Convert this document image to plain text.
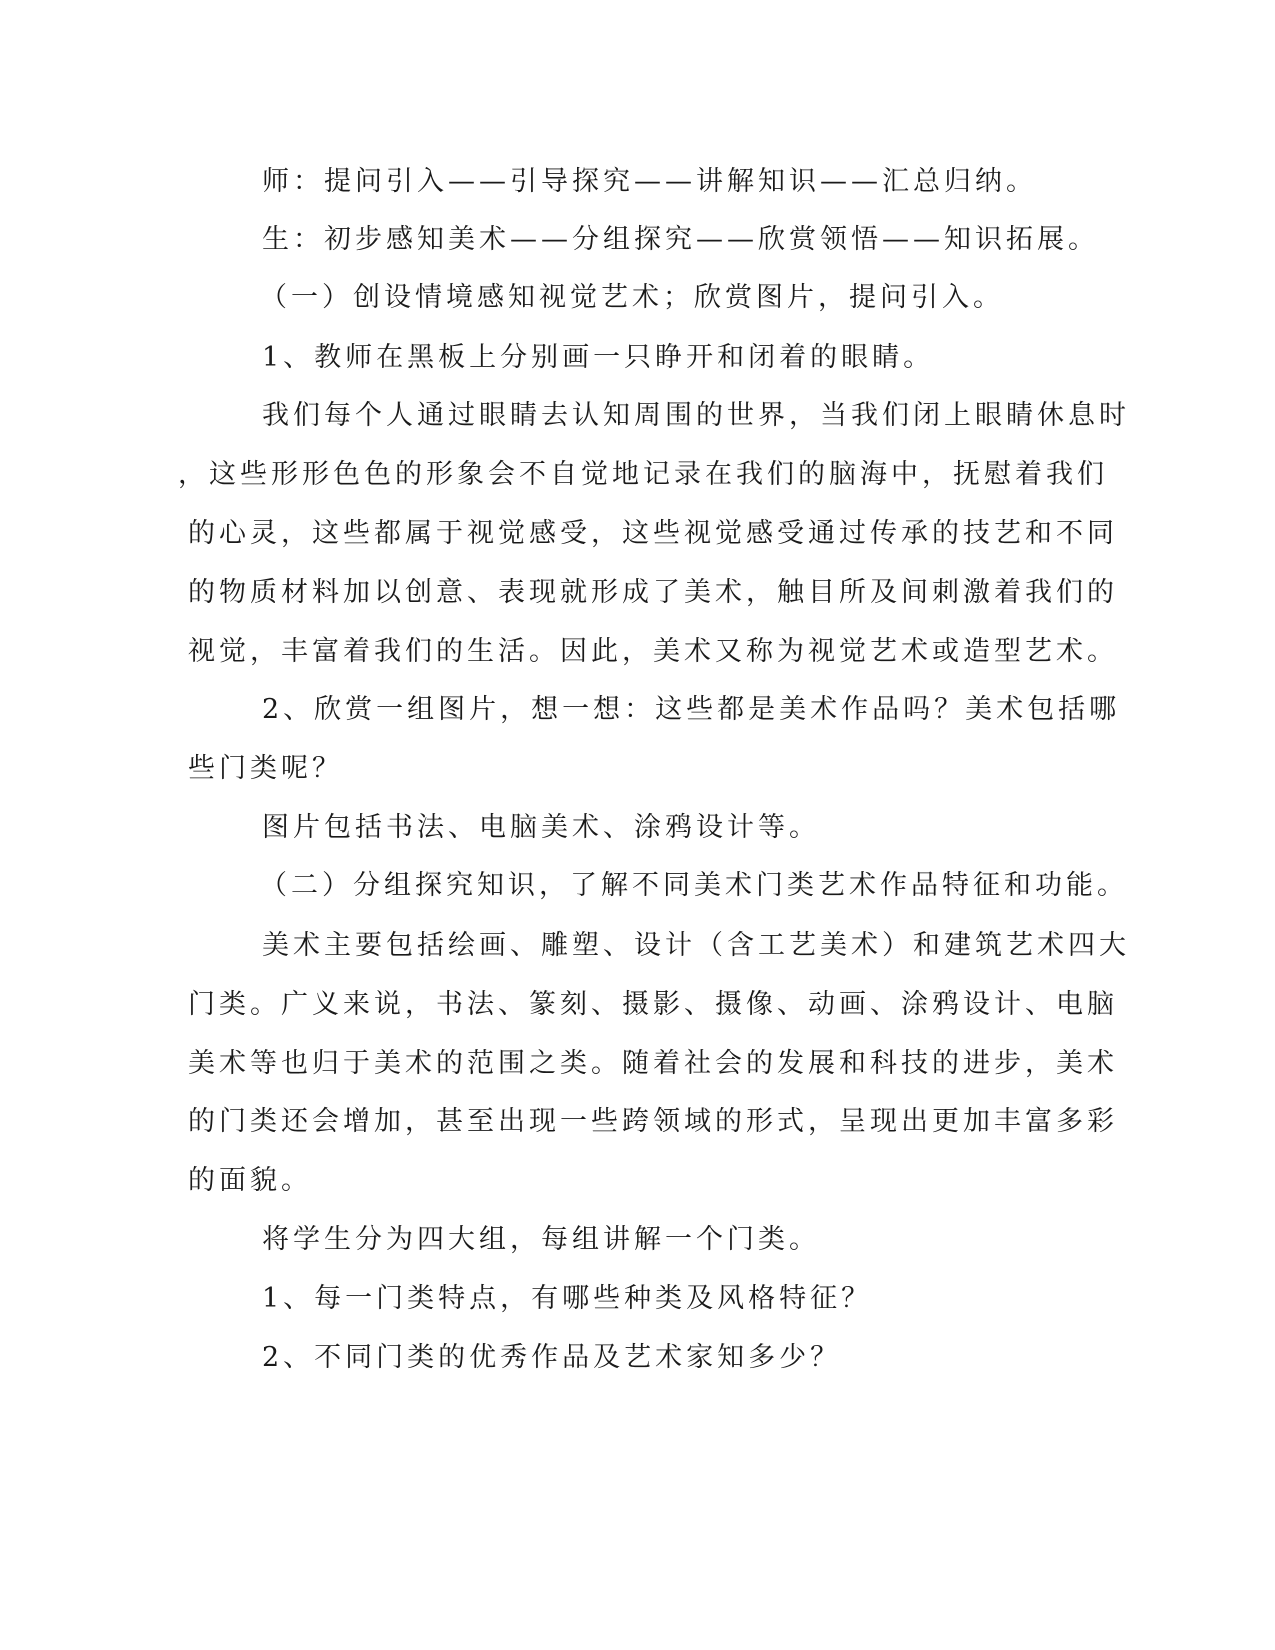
师：提问引入——引导探究——讲解知识——汇总归纳。
生：初步感知美术——分组探究——欣赏领悟——知识拓展。
（一）创设情境感知视觉艺术；欣赏图片，提问引入。
1、教师在黑板上分别画一只睁开和闭着的眼睛。
我们每个人通过眼睛去认知周围的世界，当我们闭上眼睛休息时
，这些形形色色的形象会不自觉地记录在我们的脑海中，抚慰着我们
的心灵，这些都属于视觉感受，这些视觉感受通过传承的技艺和不同
的物质材料加以创意、表现就形成了美术，触目所及间刺激着我们的
视觉，丰富着我们的生活。因此，美术又称为视觉艺术或造型艺术。
2、欣赏一组图片，想一想：这些都是美术作品吗？美术包括哪
些门类呢？
图片包括书法、电脑美术、涂鸦设计等。
（二）分组探究知识，了解不同美术门类艺术作品特征和功能。
美术主要包括绘画、雕塑、设计（含工艺美术）和建筑艺术四大
门类。广义来说，书法、篆刻、摄影、摄像、动画、涂鸦设计、电脑
美术等也归于美术的范围之类。随着社会的发展和科技的进步，美术
的门类还会增加，甚至出现一些跨领域的形式，呈现出更加丰富多彩
的面貌。
将学生分为四大组，每组讲解一个门类。
1、每一门类特点，有哪些种类及风格特征？
2、不同门类的优秀作品及艺术家知多少？
